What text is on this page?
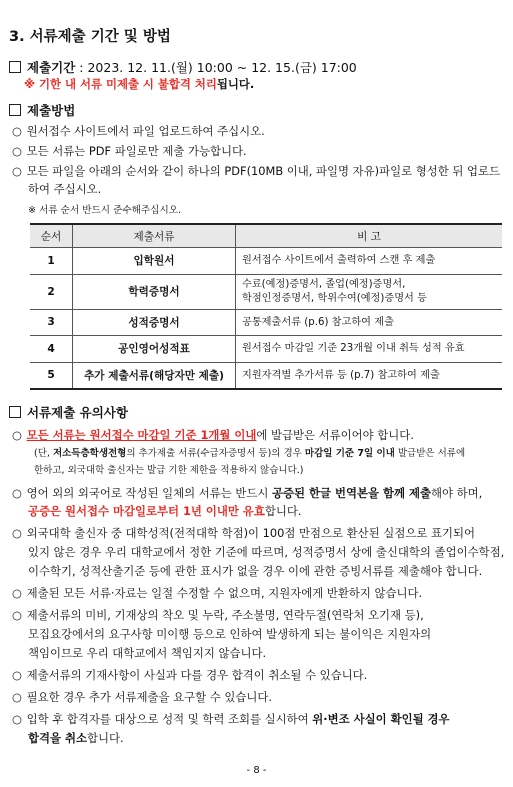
3. 서류제출 기간 및 방법
제출기간 : 2023. 12. 11.(월) 10:00 ~ 12. 15.(금) 17:00
※ 기한 내 서류 미제출 시 불합격 처리됩니다.
제출방법
○ 원서접수 사이트에서 파일 업로드하여 주십시오.
○ 모든 서류는 PDF 파일로만 제출 가능합니다.
○ 모든 파일을 아래의 순서와 같이 하나의 PDF(10MB 이내, 파일명 자유)파일로 형성한 뒤 업로드
하여 주십시오.
※ 서류 순서 반드시 준수해주십시오.
순서	제출서류	비 고
1	입학원서	원서접수 사이트에서 출력하여 스캔 후 제출
2	학력증명서	수료(예정)증명서, 졸업(예정)증명서,
학점인정증명서, 학위수여(예정)증명서 등
3	성적증명서	공통제출서류 (p.6) 참고하여 제출
4	공인영어성적표	원서접수 마감일 기준 23개월 이내 취득 성적 유효
5	추가 제출서류(해당자만 제출)	지원자격별 추가서류 등 (p.7) 참고하여 제출
서류제출 유의사항
○ 모든 서류는 원서접수 마감일 기준 1개월 이내에 발급받은 서류이어야 합니다.
(단, 저소득층학생전형의 추가제출 서류(수급자증명서 등)의 경우 마감일 기준 7일 이내 발급받은 서류에
한하고, 외국대학 출신자는 발급 기한 제한을 적용하지 않습니다.)
○ 영어 외의 외국어로 작성된 일체의 서류는 반드시 공증된 한글 번역본을 함께 제출해야 하며,
공증은 원서접수 마감일로부터 1년 이내만 유효합니다.
○ 외국대학 출신자 중 대학성적(전적대학 학점)이 100점 만점으로 환산된 실점으로 표기되어
있지 않은 경우 우리 대학교에서 정한 기준에 따르며, 성적증명서 상에 출신대학의 졸업이수학점,
이수학기, 성적산출기준 등에 관한 표시가 없을 경우 이에 관한 증빙서류를 제출해야 합니다.
○ 제출된 모든 서류·자료는 일절 수정할 수 없으며, 지원자에게 반환하지 않습니다.
○ 제출서류의 미비, 기재상의 착오 및 누락, 주소불명, 연락두절(연락처 오기재 등),
모집요강에서의 요구사항 미이행 등으로 인하여 발생하게 되는 불이익은 지원자의
책임이므로 우리 대학교에서 책임지지 않습니다.
○ 제출서류의 기재사항이 사실과 다를 경우 합격이 취소될 수 있습니다.
○ 필요한 경우 추가 서류제출을 요구할 수 있습니다.
○ 입학 후 합격자를 대상으로 성적 및 학력 조회를 실시하여 위·변조 사실이 확인될 경우
합격을 취소합니다.
- 8 -
